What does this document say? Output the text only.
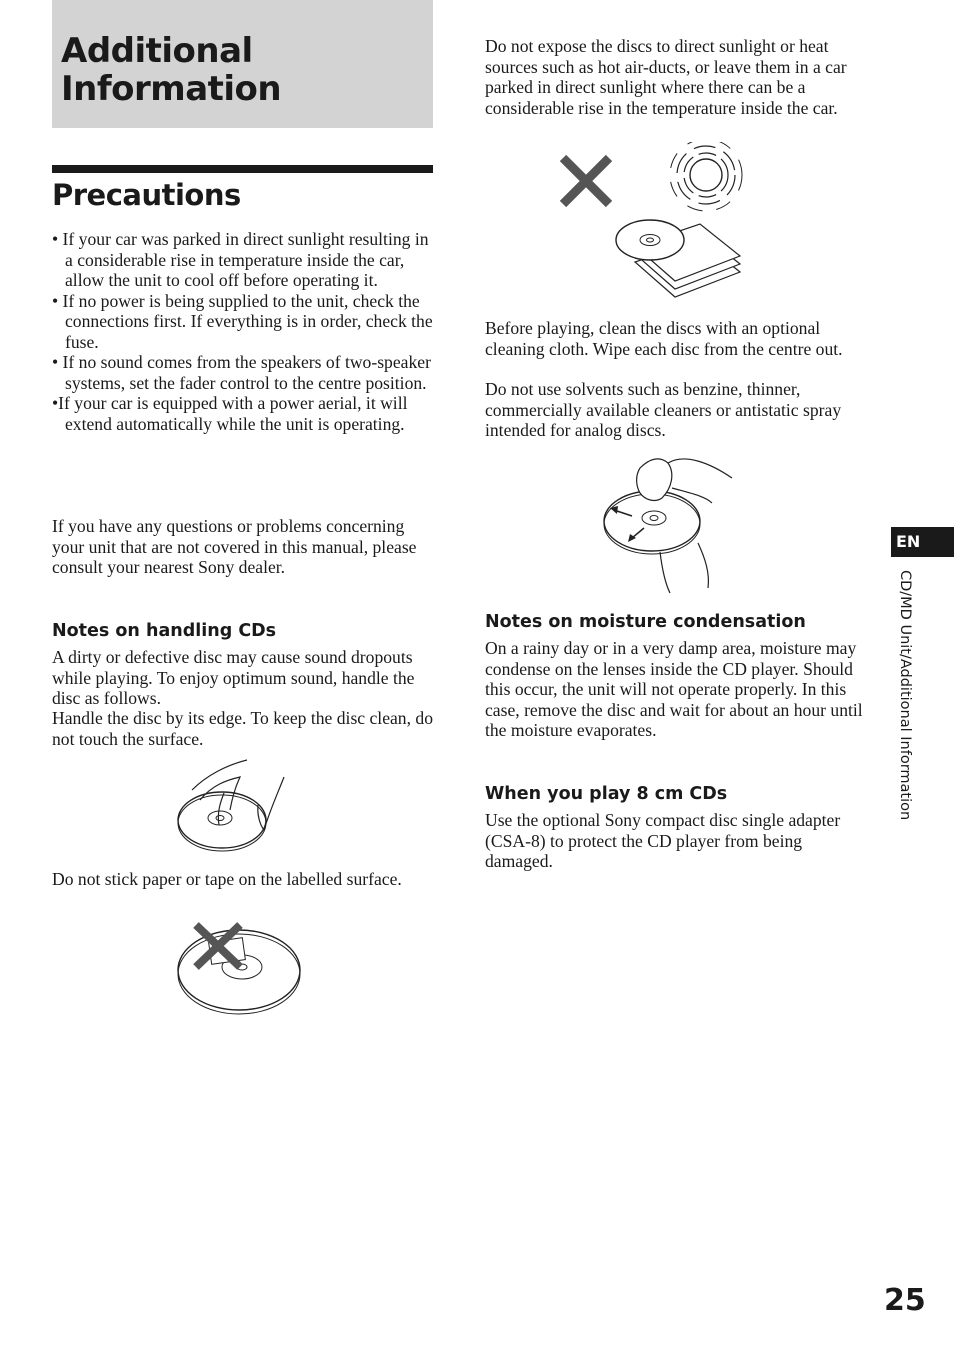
Additional
Information
Precautions
• If your car was parked in direct sunlight resulting in a considerable rise in temperature inside the car, allow the unit to cool off before operating it.
• If no power is being supplied to the unit, check the connections first. If everything is in order, check the fuse.
• If no sound comes from the speakers of two-speaker systems, set the fader control to the centre position.
•If your car is equipped with a power aerial, it will extend automatically while the unit is operating.

If you have any questions or problems concerning your unit that are not covered in this manual, please consult your nearest Sony dealer.

Notes on handling CDs

A dirty or defective disc may cause sound dropouts while playing. To enjoy optimum sound, handle the disc as follows.

Handle the disc by its edge. To keep the disc clean, do not touch the surface.

Do not stick paper or tape on the labelled surface.

Do not expose the discs to direct sunlight or heat sources such as hot air-ducts, or leave them in a car parked in direct sunlight where there can be a considerable rise in the temperature inside the car.

Before playing, clean the discs with an optional cleaning cloth. Wipe each disc from the centre out.

Do not use solvents such as benzine, thinner, commercially available cleaners or antistatic spray intended for analog discs.

Notes on moisture condensation

On a rainy day or in a very damp area, moisture may condense on the lenses inside the CD player. Should this occur, the unit will not operate properly. In this case, remove the disc and wait for about an hour until the moisture evaporates.

When you play 8 cm CDs

Use the optional Sony compact disc single adapter (CSA-8) to protect the CD player from being damaged.

EN
CD/MD Unit/Additional Information
25
